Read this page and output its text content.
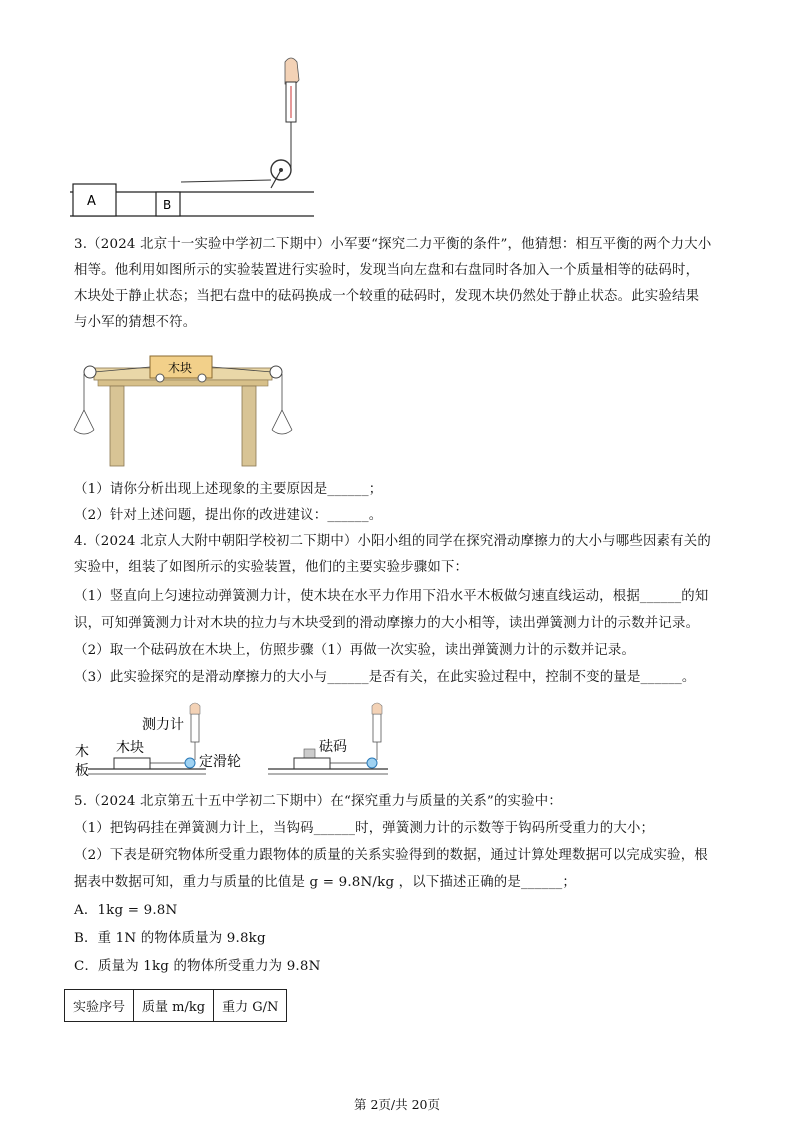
A	B
3.（2024 北京十一实验中学初二下期中）小军要“探究二力平衡的条件”，他猜想：相互平衡的两个力大小
相等。他利用如图所示的实验装置进行实验时，发现当向左盘和右盘同时各加入一个质量相等的砝码时，
木块处于静止状态；当把右盘中的砝码换成一个较重的砝码时，发现木块仍然处于静止状态。此实验结果
与小军的猜想不符。
木块
（1）请你分析出现上述现象的主要原因是______；
（2）针对上述问题，提出你的改进建议：______。
4.（2024 北京人大附中朝阳学校初二下期中）小阳小组的同学在探究滑动摩擦力的大小与哪些因素有关的
实验中，组装了如图所示的实验装置，他们的主要实验步骤如下：
（1）竖直向上匀速拉动弹簧测力计，使木块在水平力作用下沿水平木板做匀速直线运动，根据______的知
识，可知弹簧测力计对木块的拉力与木块受到的滑动摩擦力的大小相等，读出弹簧测力计的示数并记录。
（2）取一个砝码放在木块上，仿照步骤（1）再做一次实验，读出弹簧测力计的示数并记录。
（3）此实验探究的是滑动摩擦力的大小与______是否有关，在此实验过程中，控制不变的量是______。
测力计
木
板
木块
定滑轮
砝码
5.（2024 北京第五十五中学初二下期中）在“探究重力与质量的关系”的实验中：
（1）把钩码挂在弹簧测力计上，当钩码______时，弹簧测力计的示数等于钩码所受重力的大小；
（2）下表是研究物体所受重力跟物体的质量的关系实验得到的数据，通过计算处理数据可以完成实验，根
据表中数据可知，重力与质量的比值是 g = 9.8N/kg ，以下描述正确的是______；
A．1kg = 9.8N
B．重 1N 的物体质量为 9.8kg
C．质量为 1kg 的物体所受重力为 9.8N
实验序号	质量 m/kg	重力 G/N
第 2页/共 20页
